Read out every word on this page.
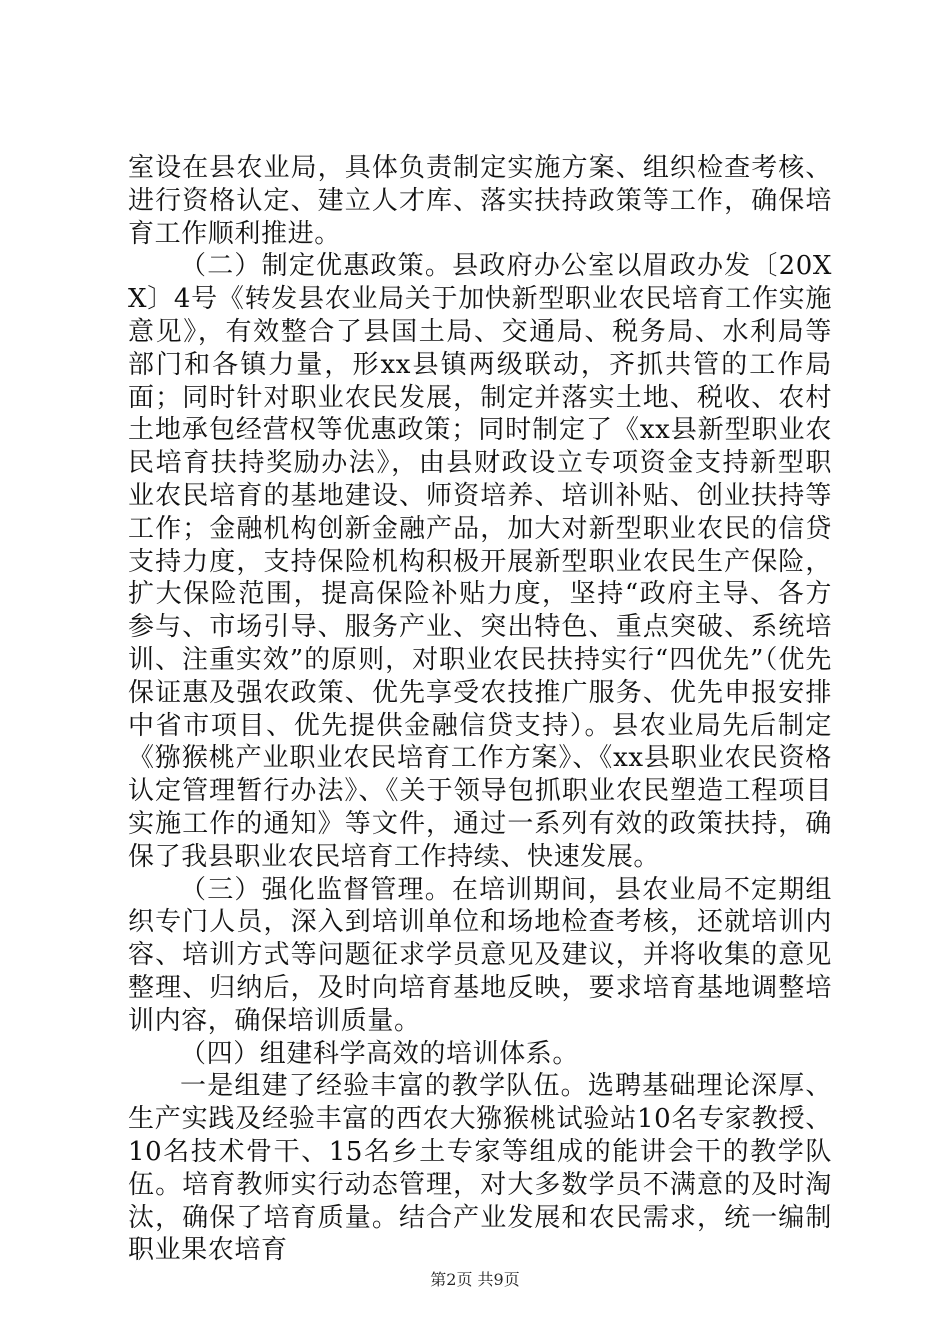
室设在县农业局，具体负责制定实施方案、组织检查考核、进行资格认定、建立人才库、落实扶持政策等工作，确保培育工作顺利推进。

（二）制定优惠政策。县政府办公室以眉政办发〔20XX〕4号《转发县农业局关于加快新型职业农民培育工作实施意见》，有效整合了县国土局、交通局、税务局、水利局等部门和各镇力量，形xx县镇两级联动，齐抓共管的工作局面；同时针对职业农民发展，制定并落实土地、税收、农村土地承包经营权等优惠政策；同时制定了《xx县新型职业农民培育扶持奖励办法》，由县财政设立专项资金支持新型职业农民培育的基地建设、师资培养、培训补贴、创业扶持等工作；金融机构创新金融产品，加大对新型职业农民的信贷支持力度，支持保险机构积极开展新型职业农民生产保险，扩大保险范围，提高保险补贴力度，坚持“政府主导、各方参与、市场引导、服务产业、突出特色、重点突破、系统培训、注重实效”的原则，对职业农民扶持实行“四优先”（优先保证惠及强农政策、优先享受农技推广服务、优先申报安排中省市项目、优先提供金融信贷支持）。县农业局先后制定《猕猴桃产业职业农民培育工作方案》、《xx县职业农民资格认定管理暂行办法》、《关于领导包抓职业农民塑造工程项目实施工作的通知》等文件，通过一系列有效的政策扶持，确保了我县职业农民培育工作持续、快速发展。

（三）强化监督管理。在培训期间，县农业局不定期组织专门人员，深入到培训单位和场地检查考核，还就培训内容、培训方式等问题征求学员意见及建议，并将收集的意见整理、归纳后，及时向培育基地反映，要求培育基地调整培训内容，确保培训质量。

（四）组建科学高效的培训体系。

一是组建了经验丰富的教学队伍。选聘基础理论深厚、生产实践及经验丰富的西农大猕猴桃试验站10名专家教授、10名技术骨干、15名乡土专家等组成的能讲会干的教学队伍。培育教师实行动态管理，对大多数学员不满意的及时淘汰，确保了培育质量。结合产业发展和农民需求，统一编制职业果农培育

第2页 共9页
